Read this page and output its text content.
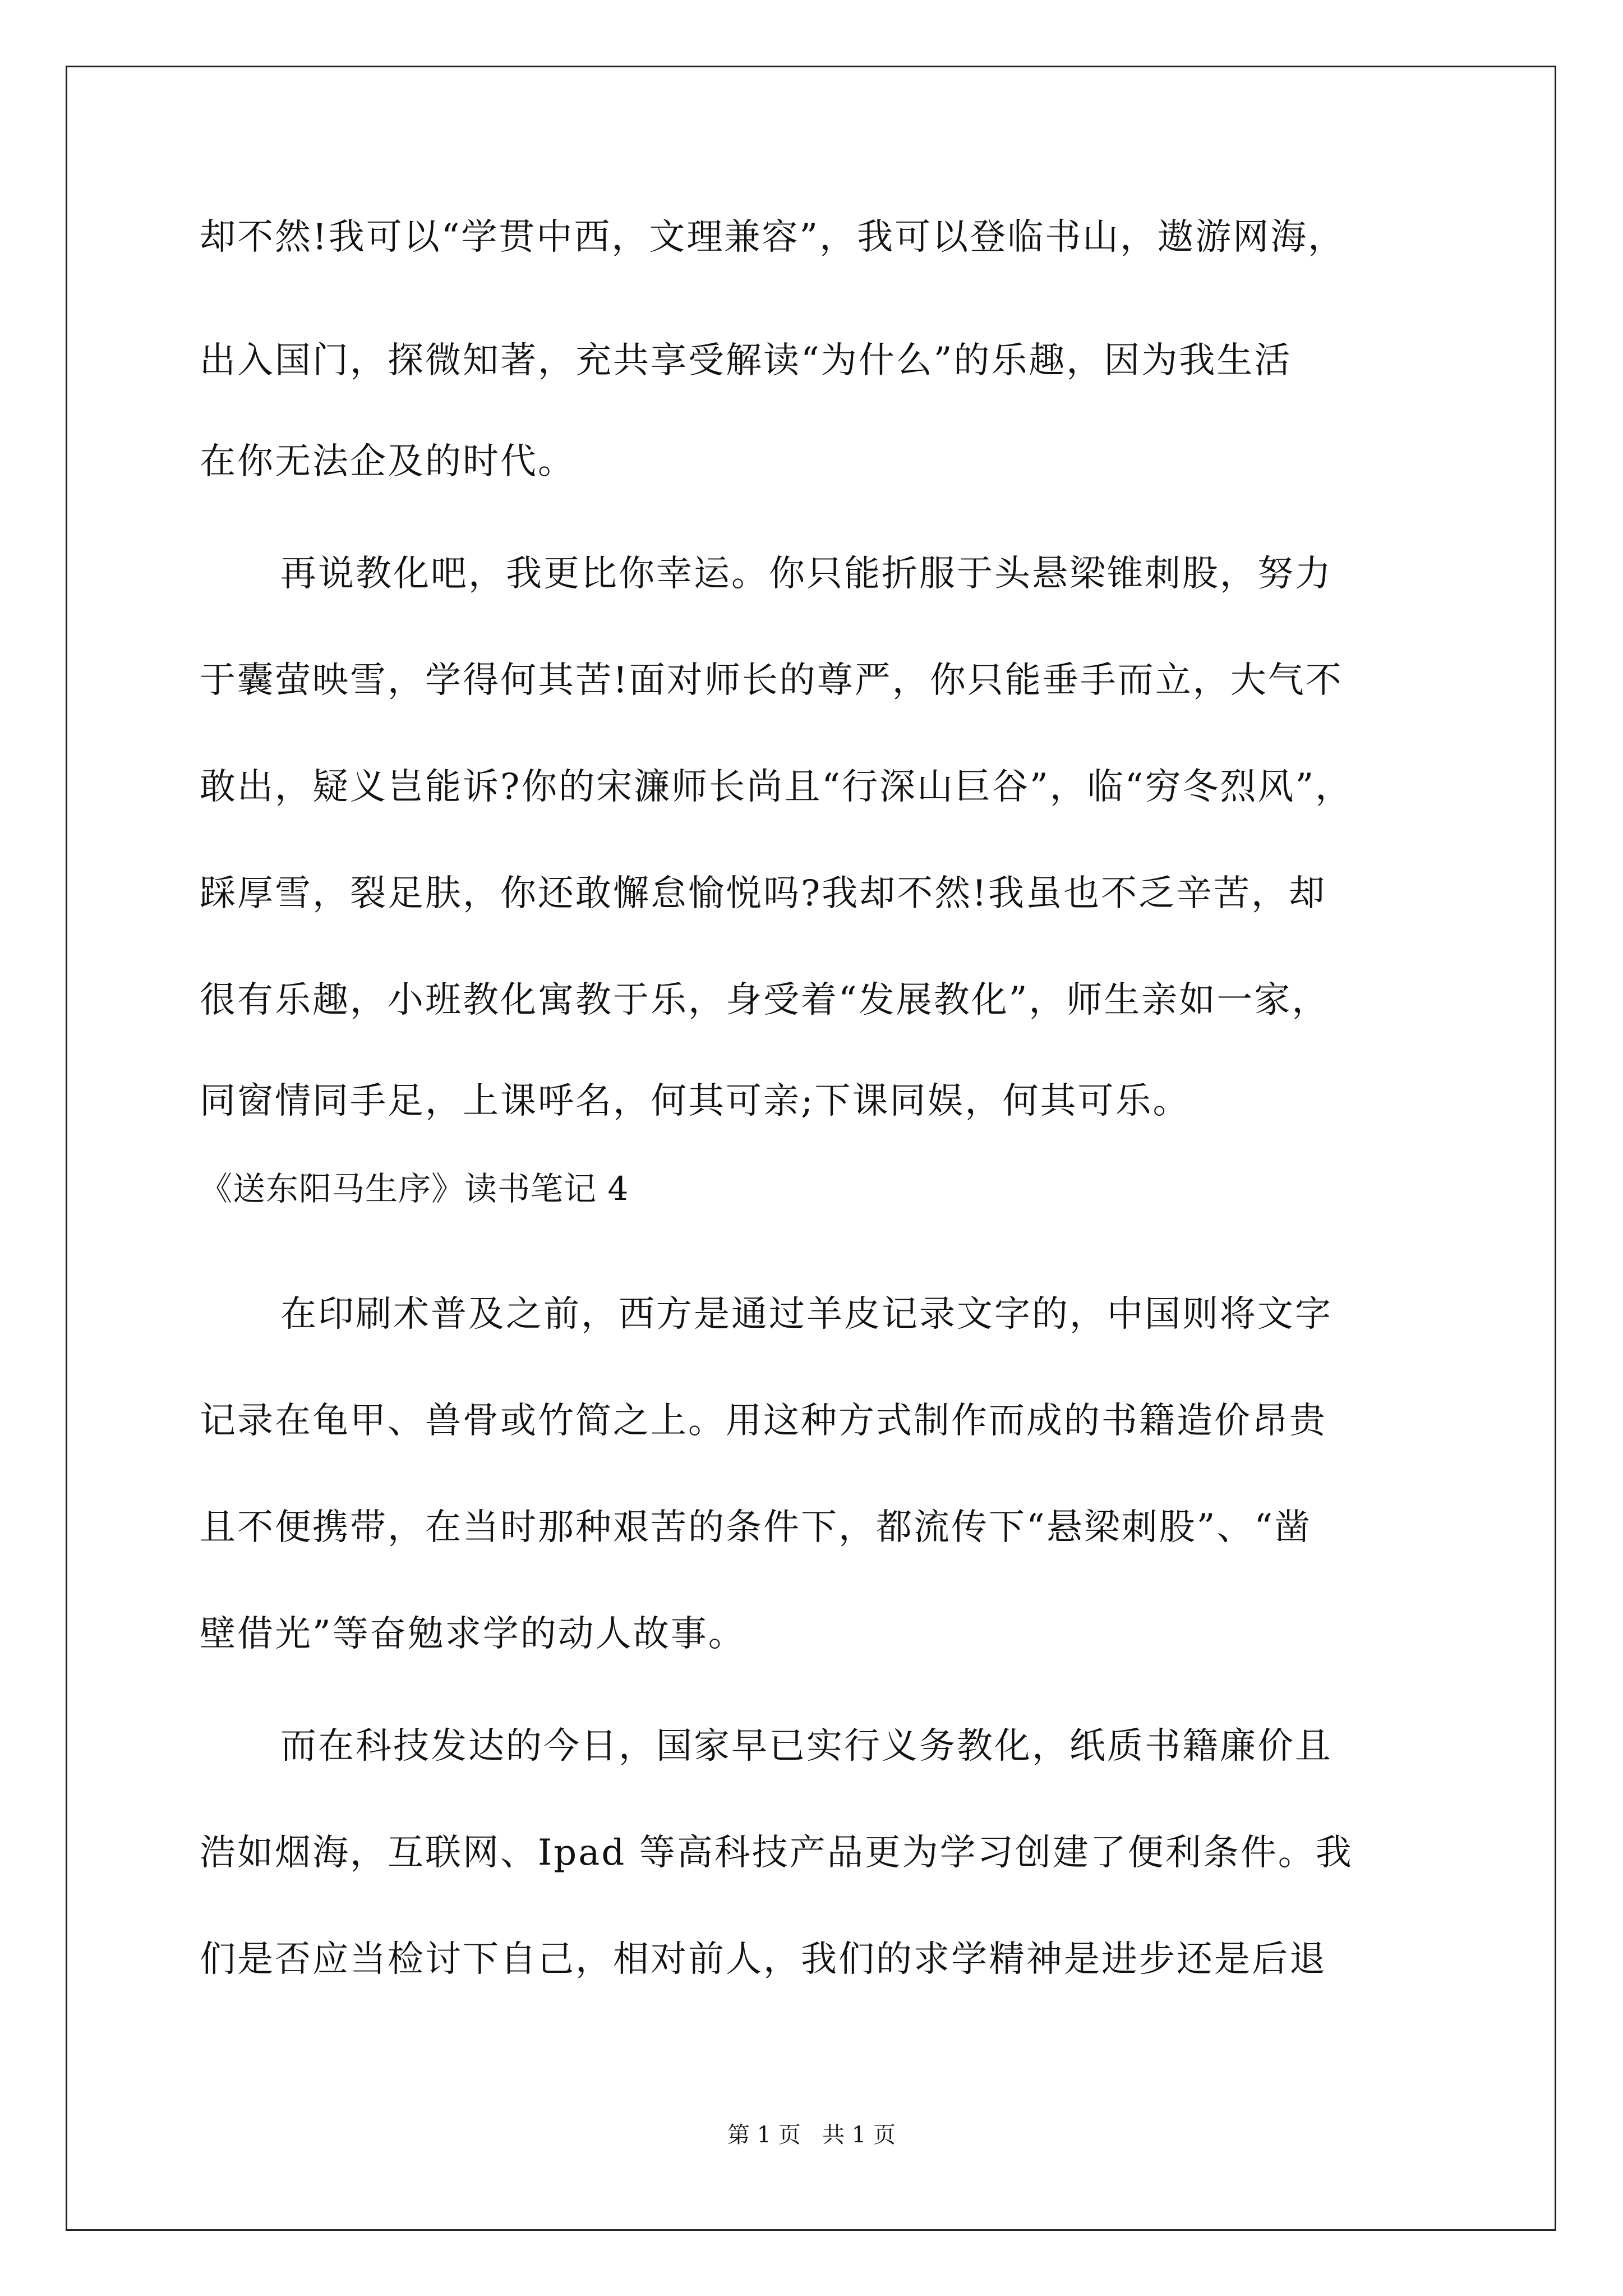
却不然!我可以“学贯中西，文理兼容”，我可以登临书山，遨游网海，

出入国门，探微知著，充共享受解读“为什么”的乐趣，因为我生活

在你无法企及的时代。

再说教化吧，我更比你幸运。你只能折服于头悬梁锥刺股，努力

于囊萤映雪，学得何其苦!面对师长的尊严，你只能垂手而立，大气不

敢出，疑义岂能诉?你的宋濂师长尚且“行深山巨谷”，临“穷冬烈风”，

踩厚雪，裂足肤，你还敢懈怠愉悦吗?我却不然!我虽也不乏辛苦，却

很有乐趣，小班教化寓教于乐，身受着“发展教化”，师生亲如一家，

同窗情同手足，上课呼名，何其可亲;下课同娱，何其可乐。

《送东阳马生序》读书笔记 4

在印刷术普及之前，西方是通过羊皮记录文字的，中国则将文字

记录在龟甲、兽骨或竹简之上。用这种方式制作而成的书籍造价昂贵

且不便携带，在当时那种艰苦的条件下，都流传下“悬梁刺股”、“凿

壁借光”等奋勉求学的动人故事。

而在科技发达的今日，国家早已实行义务教化，纸质书籍廉价且

浩如烟海，互联网、Ipad 等高科技产品更为学习创建了便利条件。我

们是否应当检讨下自己，相对前人，我们的求学精神是进步还是后退

第 1 页   共 1 页
